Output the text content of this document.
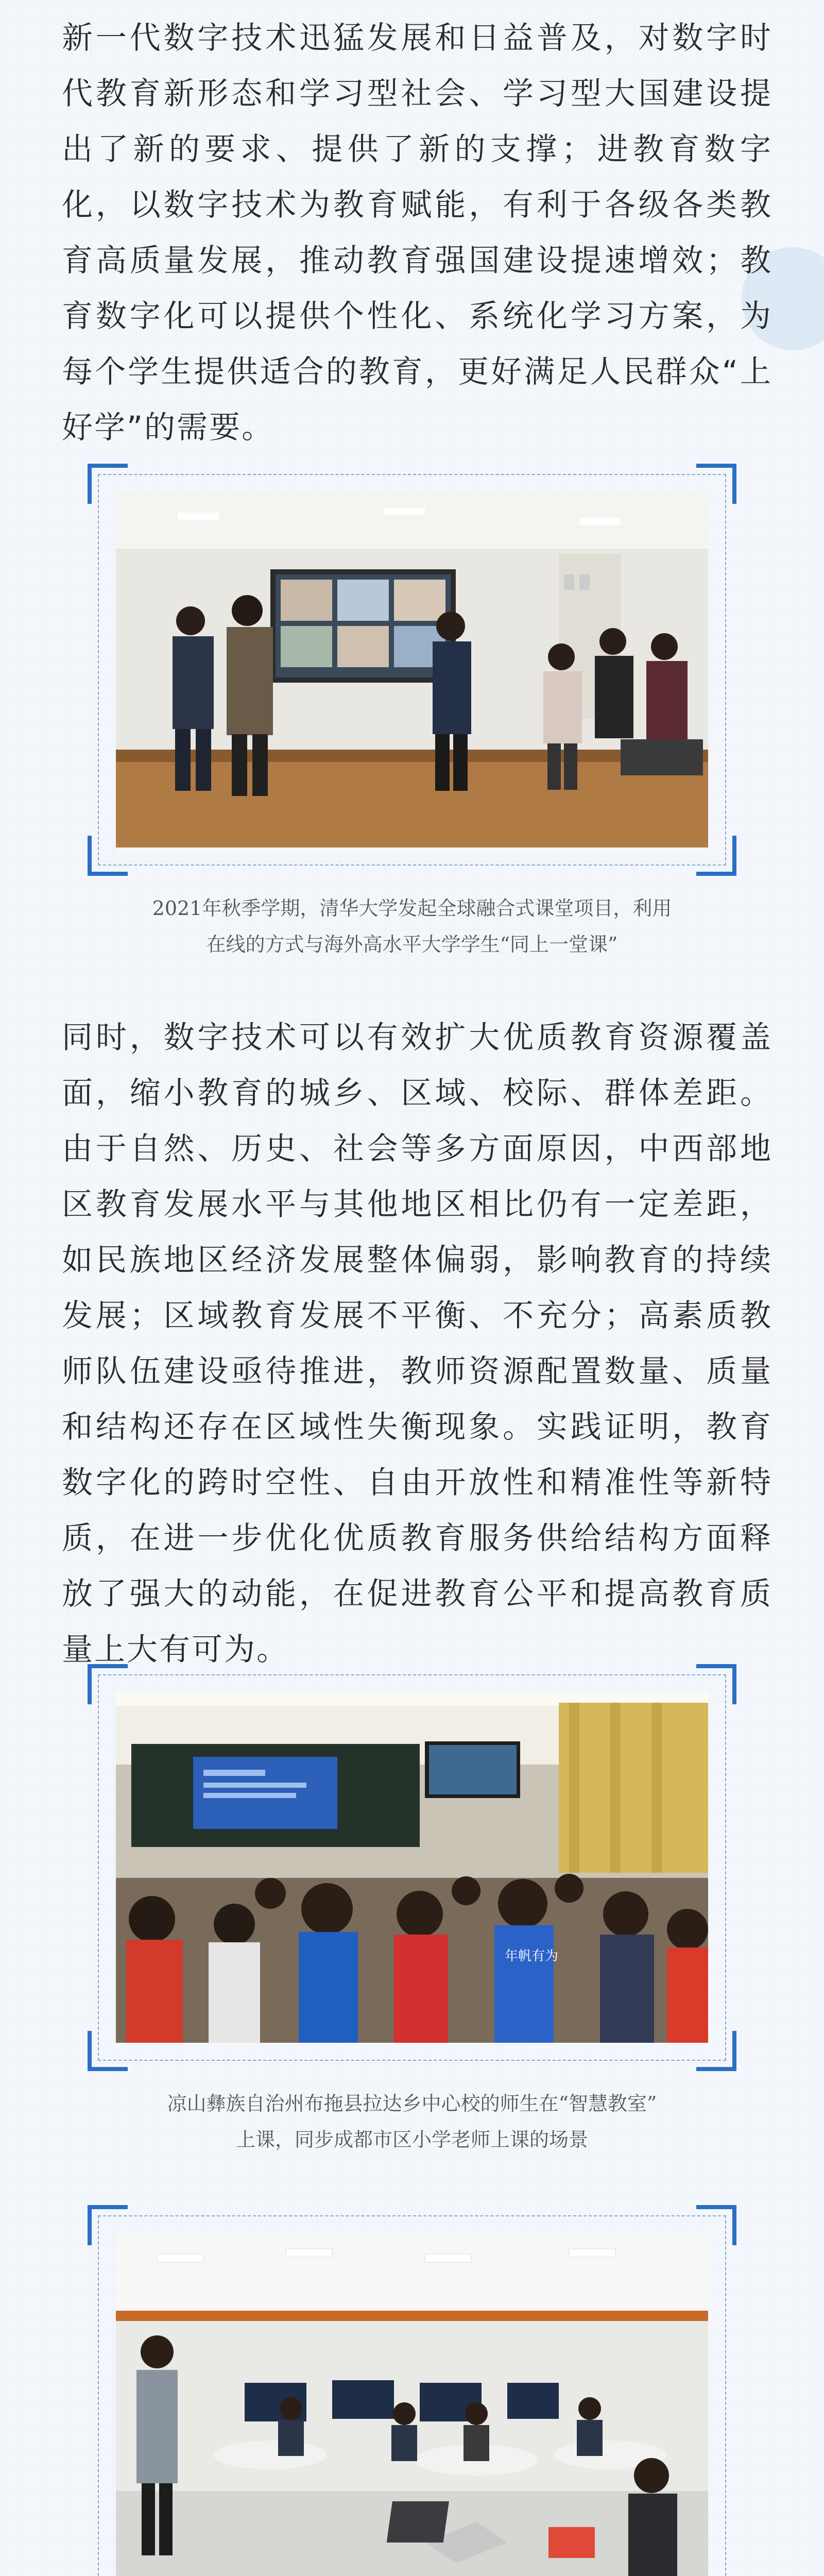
新一代数字技术迅猛发展和日益普及，对数字时代教育新形态和学习型社会、学习型大国建设提出了新的要求、提供了新的支撑；进教育数字化，以数字技术为教育赋能，有利于各级各类教育高质量发展，推动教育强国建设提速增效；教育数字化可以提供个性化、系统化学习方案，为每个学生提供适合的教育，更好满足人民群众“上好学”的需要。

2021年秋季学期，清华大学发起全球融合式课堂项目，利用
在线的方式与海外高水平大学学生“同上一堂课”

同时，数字技术可以有效扩大优质教育资源覆盖面，缩小教育的城乡、区域、校际、群体差距。由于自然、历史、社会等多方面原因，中西部地区教育发展水平与其他地区相比仍有一定差距，如民族地区经济发展整体偏弱，影响教育的持续发展；区域教育发展不平衡、不充分；高素质教师队伍建设亟待推进，教师资源配置数量、质量和结构还存在区域性失衡现象。实践证明，教育数字化的跨时空性、自由开放性和精准性等新特质，在进一步优化优质教育服务供给结构方面释放了强大的动能，在促进教育公平和提高教育质量上大有可为。

年帆有为
凉山彝族自治州布拖县拉达乡中心校的师生在“智慧教室”
上课，同步成都市区小学老师上课的场景
